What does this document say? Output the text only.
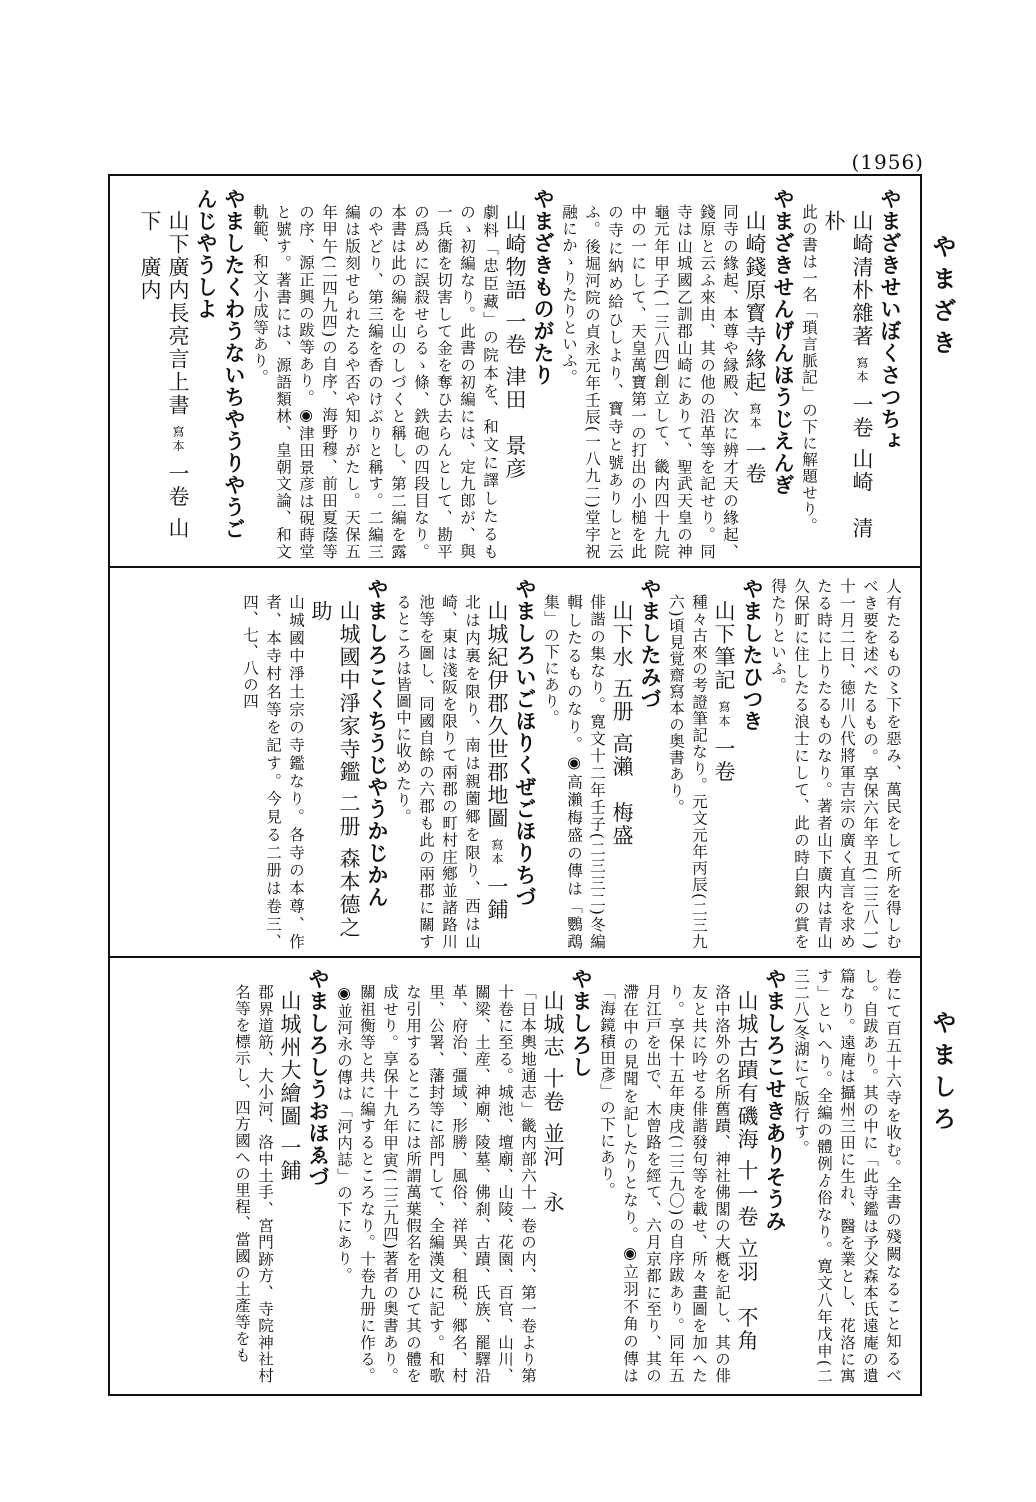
(1956)
やまざき
やましろ
やまざきせいぼくさつちょ
山崎清朴雜著 寫本 一卷 山崎　清朴
此の書は一名「瑣言脈記」の下に解題せり。
やまざきせんげんほうじえんぎ
山崎錢原寳寺緣起 寫本 一卷
同寺の緣起、本尊や縁殿、次に辨才天の緣起、錢原と云ふ來由、其の他の沿革等を記せり。同寺は山城國乙訓郡山崎にありて、聖武天皇の神龜元年甲子(一三八四)創立して、畿内四十九院中の一にして、天皇萬寶第一の打出の小槌を此の寺に納め給ひしより、寶寺と號ありしと云ふ。後堀河院の貞永元年壬辰(一八九二)堂宇祝融にかゝりたりといふ。
やまざきものがたり
山崎物語 一卷 津田　景彦
劇料「忠臣藏」の院本を、和文に譯したるものゝ初編なり。此書の初編には、定九郎が、與一兵衞を切害して金を奪ひ去らんとして、勘平の爲めに誤殺せらるゝ條、鉄砲の四段目なり。本書は此の編を山のしづくと稱し、第二編を露のやどり、第三編を香のけぶりと稱す。二編三編は版刻せられたるや否や知りがたし。天保五年甲午(二四九四)の自序、海野穆、前田夏蔭等の序、源正興の跋等あり。◉津田景彦は硯蒔堂と號す。著書には、源語類林、皇朝文論、和文軌範、和文小成等あり。
やましたくわうないちやうりやうごんじやうしよ
山下廣内長亮言上書 寫本 一卷 山下　廣内
人有たるもの〻下を惡み、萬民をして所を得しむべき要を述べたるもの。享保六年辛丑(二三八一)十一月二日、徳川八代將軍吉宗の廣く直言を求めたる時に上りたるものなり。著者山下廣内は青山久保町に住したる浪士にして、此の時白銀の賞を得たりといふ。
やましたひつき
山下筆記 寫本 一卷
種々古來の考證筆記なり。元文元年丙辰(二三九六)頃見覚齋寫本の奥書あり。
やましたみづ
山下水 五册 高瀨　梅盛
俳諧の集なり。寛文十二年壬子(二三三二)冬編輯したるものなり。◉高瀨梅盛の傳は「鸚鵡集」の下にあり。
やましろいごほりくぜごほりちづ
山城紀伊郡久世郡地圖 寫本 一鋪
北は内裏を限り、南は親薗郷を限り、西は山崎、東は淺阪を限りて兩郡の町村庄鄕並諸路川池等を圖し、同國自餘の六郡も此の兩郡に關するところは皆圖中に收めたり。
やましろこくちうじやうかじかん
山城國中淨家寺鑑 二册 森本德之助
山城國中淨土宗の寺鑑なり。各寺の本尊、作者、本寺村名等を記す。今見る二册は卷三、四、七、八の四
卷にて百五十六寺を收む。全書の殘闕なること知るべし。自跋あり。其の中に「此寺鑑は予父森本氏遠庵の遺篇なり。遠庵は攝州三田に生れ、醫を業とし、花洛に寓す」といへり。全編の體例ゟ俗なり。寛文八年戊申(二三二八)冬湖にて版行す。
やましろこせきありそうみ
山城古蹟有磯海 十一卷 立羽　不角
洛中洛外の名所舊蹟、神社佛閣の大槪を記し、其の俳友と共に吟せる俳諧發句等を載せ、所々畫圖を加へたり。享保十五年庚戌(二三九〇)の自序跋あり。同年五月江戸を出で、木曾路を經て、六月京都に至り、其の滯在中の見聞を記したりとなり。◉立羽不角の傳は「海鏡積田彥」の下にあり。
やましろし
山城志 十卷 並河　永
「日本輿地通志」畿内部六十一卷の内、第一卷より第十卷に至る。城池、壇廟、山陵、花園、百官、山川、關梁、土産、神廟、陵墓、佛刹、古蹟、氏族、罷驛沿革、府治、彊域、形勝、風俗、祥異、租税、郷名、村里、公署、藩封等に部門して、全編漢文に記す。和歌な引用するところには所謂萬葉假名を用ひて其の體を成せり。享保十九年甲寅(二三九四)著者の奥書あり。關祖衡等と共に編するところなり。十卷九册に作る。◉並河永の傳は「河内誌」の下にあり。
やましろしうおほゑづ
山城州大繪圖 一鋪
郡界道筋、大小河、洛中土手、宮門跡方、寺院神社村名等を標示し、四方國への里程、當國の土產等をも
